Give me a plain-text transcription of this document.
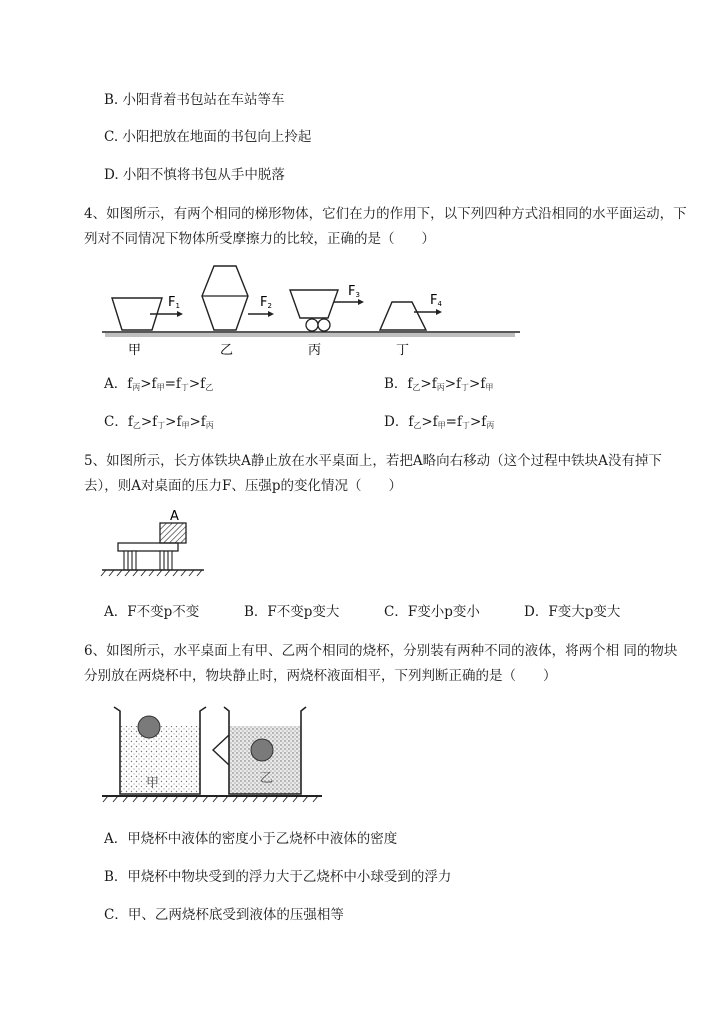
B. 小阳背着书包站在车站等车
C. 小阳把放在地面的书包向上拎起
D. 小阳不慎将书包从手中脱落
4、如图所示，有两个相同的梯形物体，它们在力的作用下，以下列四种方式沿相同的水平面运动，下
列对不同情况下物体所受摩擦力的比较，正确的是（　　）
F1	F2
F3	F4
甲	乙	丙	丁
A．$f_丙>f_甲=f_丁>f_乙$	B．$f_乙>f_丙>f_丁>f_甲$
C．$f_乙>f_丁>f_甲>f_丙$	D．$f_乙>f_甲=f_丁>f_丙$
5、如图所示，长方体铁块A静止放在水平桌面上，若把A略向右移动（这个过程中铁块A没有掉下
去），则A对桌面的压力F、压强p的变化情况（　　）
A
A．F不变p不变	B．F不变p变大	C．F变小p变小	D．F变大p变大
6、如图所示，水平桌面上有甲、乙两个相同的烧杯，分别装有两种不同的液体，将两个相 同的物块
分别放在两烧杯中，物块静止时，两烧杯液面相平，下列判断正确的是（　　）
甲	乙
A．甲烧杯中液体的密度小于乙烧杯中液体的密度
B．甲烧杯中物块受到的浮力大于乙烧杯中小球受到的浮力
C．甲、乙两烧杯底受到液体的压强相等
